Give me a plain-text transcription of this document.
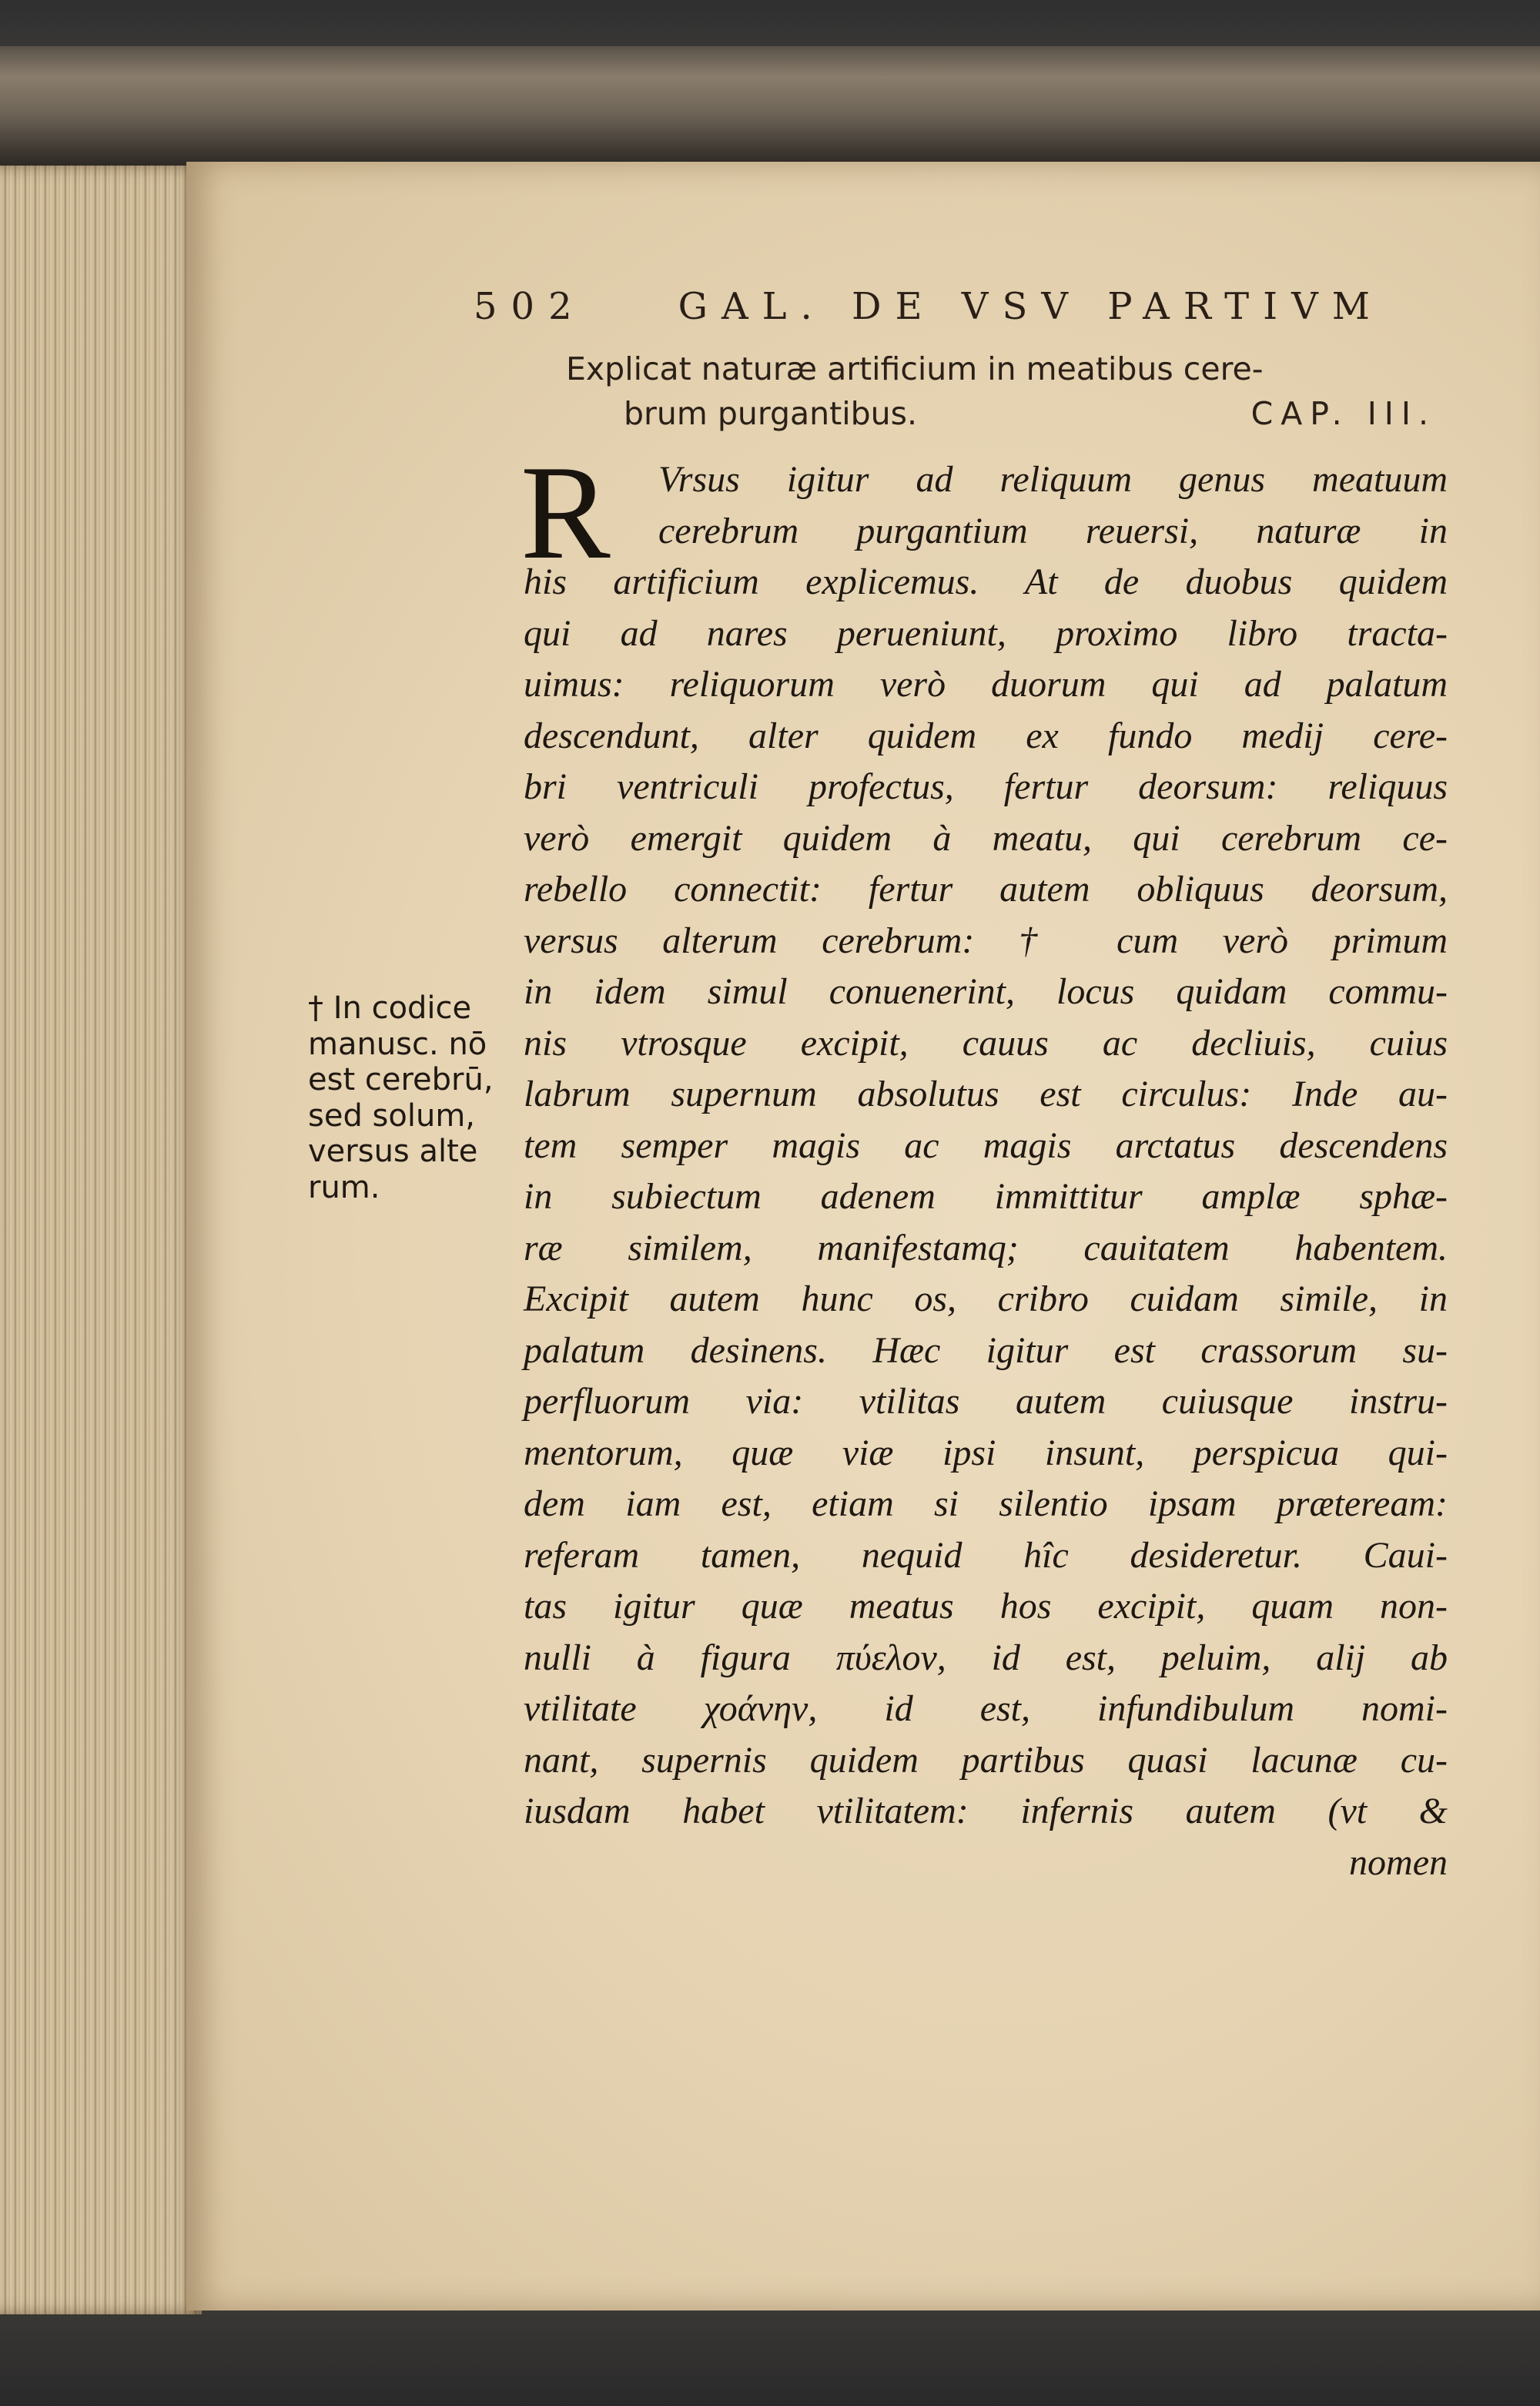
502	GAL. DE VSV PARTIVM
Explicat naturæ artificium in meatibus cere-
brum purgantibus.	CAP. III.
R	Vrsus igitur ad reliquum genus meatuum
cerebrum purgantium reuersi, naturæ in
his artificium explicemus. At de duobus quidem
qui ad nares perueniunt, proximo libro tracta-
uimus: reliquorum verò duorum qui ad palatum
descendunt, alter quidem ex fundo medij cere-
bri ventriculi profectus, fertur deorsum: reliquus
verò emergit quidem à meatu, qui cerebrum ce-
rebello connectit: fertur autem obliquus deorsum,
versus alterum cerebrum: † cum verò primum
in idem simul conuenerint, locus quidam commu-
nis vtrosque excipit, cauus ac decliuis, cuius
labrum supernum absolutus est circulus: Inde au-
tem semper magis ac magis arctatus descendens
in subiectum adenem immittitur amplæ sphæ-
ræ similem, manifestamq; cauitatem habentem.
Excipit autem hunc os, cribro cuidam simile, in
palatum desinens. Hæc igitur est crassorum su-
perfluorum via: vtilitas autem cuiusque instru-
mentorum, quæ viæ ipsi insunt, perspicua qui-
dem iam est, etiam si silentio ipsam præteream:
referam tamen, nequid hîc desideretur. Caui-
tas igitur quæ meatus hos excipit, quam non-
nulli à figura πύελον, id est, peluim, alij ab
vtilitate χοάνην, id est, infundibulum nomi-
nant, supernis quidem partibus quasi lacunæ cu-
iusdam habet vtilitatem: infernis autem (vt &
nomen
† In codice
manusc. nō
est cerebrū,
sed solum,
versus alte
rum.
